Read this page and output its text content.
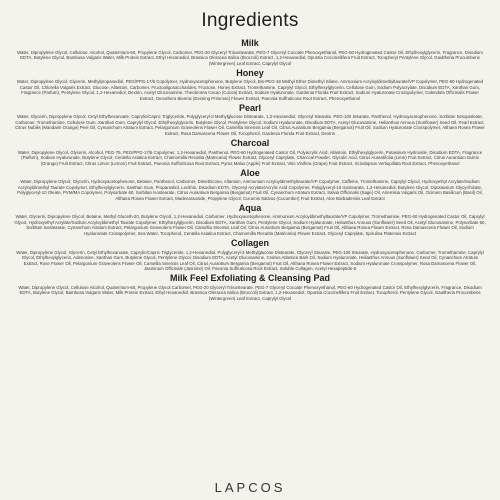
Ingredients
Milk
Water, Dipropylene Glycol, Cellulose, Alcohol, Quaternium-60, Propylene Glycol, Carbomer, PEG-20 Glyceryl Triisostearate, PEG-7 Glyceryl Cocoate Phenoxyethanol, PEG-60 Hydrogenated Castor Oil, Ethylhexylglycerin, Fragrance, Disodium EDTA, Butylene Glycol, Bambusa Vulgaris Water, Milk Protein Extract, Ethyl Hexanediol, Brassica Oleracea Italica (Broccoli) Extract, 1,2-Hexanediol, Opuntia Coccinellifera Fruit Extract, Tocopheryl Pentylene Glycol, Gaultheria Procumbens (Wintergreen) Leaf Extract, Caprylyl Glycol
Honey
Water, Dipropylene Glycol, Glycerin, Methylpropanediol, PEG/PPG-17/6 Copolymer, Hydroxyacetophenone, Butylene Glycol, Bis-PEG-18 Methyl Ether Dimethyl Silane, Ammonium Acryloyldimethyltaurate/VP Copolymer, PEG-60 Hydrogenated Castor Oil, Chlorella Vulgaris Extract, Glucose, Allantoin, Carbomer, Fructooligosaccharides, Fructose, Honey Extract, Tromethamine, Caprylyl Glycol, Ethylhexylglycerin, Cellulose Gum, Sodium Polyacrylate, Disodium EDTA, Xanthan Gum, Fragrance (Parfum), Pentylene Glycol, 1,2-Hexanediol, Dextrin, Acetyl Glucosamine, Theobroma Cacao (Cocoa) Extract, Sodium Hyaluronate, Gardenia Florida Fruit Extract, Sodium Hyaluronate Crosspolymer, Calendula Officinalis Flower Extract, Oenothera Biennis (Evening Primrose) Flower Extract, Paeonia Suffruticosa Root Extract, Phenoxyethanol
Pearl
Water, Glycerin, Dipropylene Glycol, Cetyl Ethylhexanoate, Caprylic/Capric Triglyceride, Polyglyceryl-3 Methylglucose Distearate, 1,2-Hexanediol, Glyceryl Stearate, PEG-100 Stearate, Panthenol, Hydroxyacetophenone, Sorbitan Sesquioleate, Carbomer, Tromethamine, Cellulose Gum, Xanthan Gum, Caprylyl Glycol, Ethylhexylglycerin, Butylene Glycol, Pentylene Glycol, Sodium Hyaluronate, Disodium EDTA, Acetyl Glucosamine, Helianthus Annuus (Sunflower) Seed Oil, Pearl Extract, Citrus Nobilis (Mandarin Orange) Peel Oil, Cymanchum Atratum Extract, Pelargonium Graveolens Flower Oil, Camellia Sinensis Leaf Oil, Citrus Aurantium Bergamia (Bergamot) Fruit Oil, Sodium Hyaluronate Crosspolymer, Althaea Rosea Flower Extract, Rosa Damascena Flower Oil, Tocopherol, Gardenia Florida Fruit Extract, Dextrin
Charcoal
Water, Dipropylene Glycol, Glycerin, Alcohol, PEG-75, PEG/PPG-17/6 Copolymer, 1,2-Hexanediol, Panthenol, PEG-60 Hydrogenated Castor Oil, Polyacrylic Acid, Allantoin, Ethylhexylglycerin, Potassium Hydroxide, Disodium EDTA, Fragrance (Parfum), Sodium Hyaluronate, Butylene Glycol, Centella Asiatica Extract, Chamomilla Recutita (Matricaria) Flower Extract, Glyceryl Caprylate, Charcoal Powder, Glycolic Acid, Citrus Aurantifolia (Lime) Fruit Extract, Citrus Aurantium Dulcis (Orange) Fruit Extract, Citrus Limon (Lemon) Fruit Extract, Paeonia Suffruticosa Root Extract, Pyrus Malus (Apple) Fruit Extract, Vitis Vinifera (Grape) Fruit Extract, Scindapsus Vertiquillata Root Extract, Phenoxyethanol
Aloe
Water, Dipropylene Glycol, Glycerin, Hydroxyacetophenone, Betaine, Panthenol, Carbomer, Dimethicone, Allantoin, Ammonium Acryloyldimethyltaurate/VP Copolymer, Caffeine, Tromethamine, Caprylyl Glycol, Hydroxyethyl Acrylate/Sodium Acryloyldimethyl Taurate Copolymer, Ethylhexylglycerin, Xanthan Gum, Propanediol, Lecithin, Disodium EDTA, Glyceryl Acrylate/Acrylic Acid Copolymer, Polyglyceryl-10 Isostearate, 1,2-Hexanediol, Butylene Glycol, Dipotassium Glycyrrhizate, Polyglyceryl-10 Oleate, PVM/MA Copolymer, Polysorbate 60, Sorbitan Isostearate, Citrus Aurantium Bergamia (Bergamot) Fruit Oil, Cynanchum Atratum Extract, Salvia Officinalis (Sage) Oil, Artemisia Vulgaris Oil, Ocimum Basilicum (Basil) Oil, Althaea Rosea Flower Extract, Madecassoside, Propylene Glycol, Cucumis Sativus (Cucumber) Fruit Extract, Aloe Barbadensis Leaf Extract
Aqua
Water, Glycerin, Dipropylene Glycol, Betaine, Methyl Gluceth-20, Butylene Glycol, 1,2-Hexanediol, Carbomer, Hydroxyacetophenone, Ammonium Acryloyldimethyltaurate/VP Copolymer, Tromethamine, PEG-60 Hydrogenated Castor Oil, Caprylyl Glycol, Hydroxyethyl Acrylate/Sodium Acryloyldimethyl Taurate Copolymer, Ethylhexylglycerin, Disodium EDTA, Xanthan Gum, Pentylene Glycol, Sodium Hyaluronate, Helianthus Annuus (Sunflower) Seed Oil, Acetyl Glucosamine, Polysorbate 60, Sorbitan Isostearate, Cynanchum Atratum Extract, Pelargonium Graveolens Flower Oil, Camellia Sinensis Leaf Oil, Citrus Aurantium Bergamia (Bergamot) Fruit Oil, Althaea Rosea Flower Extract, Rosa Damascena Flower Oil, Sodium Hyaluronate Crosspolymer, Sea Water, Tocopherol, Centella Asiatica Extract, Chamomilla Recutita (Matricaria) Flower Extract, Glyceryl Caprylate, Spirulina Platensis Extract
Collagen
Water, Dipropylene Glycol, Glycerin, Cetyl Ethylhexanoate, Caprylic/Capric Triglyceride, 1,2-Hexanediol, Polyglyceryl-3 Methylglucose Distearate, Glyceryl Stearate, PEG-100 Stearate, Hydroxyacetophenone, Carbomer, Tromethamine, Caprylyl Glycol, Ethylhexylglycerin, Adenosine, Xanthan Gum, Butylene Glycol, Pentylene Glycol, Disodium EDTA, Acetyl Glucosamine, Cedrus Atlantica Bark Oil, Sodium Hyaluronate, Helianthus Annuus (Sunflower) Seed Oil, Cynanchum Atratum Extract, Rose Flower Oil, Pelargonium Graveolens Flower Oil, Camellia Sinensis Leaf Oil, Citrus Aurantium Bergamia (Bergamot) Fruit Oil, Althaea Rosea Flower Extract, Sodium Hyaluronate Crosspolymer, Rosa Damascena Flower Oil, Jasminum Officinale (Jasmine) Oil, Paeonia Suffruticosa Root Extract, Soluble Collagen, Acetyl Hexapeptide-8
Milk Feel Exfoliating & Cleansing Pad
Water, Dipropylene Glycol, Cellulose Alcohol, Quaternium-60, Propylene Glycol Carbomer, PEG-20 Glyceryl Triisostearate, PEG-7 Glyceryl Cocoate Phenoxyethanol, PEG-60 Hydrogenated Castor Oil, Ethylhexylglycerin, Fragrance, Disodium EDTA, Butylene Glycol, Bambusa Vulgaris Water, Milk Protein Extract, Ethyl Hexanediol, Brassica Oleracea Italica (Broccoli) Extract, 1,2-Hexanediol, Opuntia Coccinellifera Fruit Extract, Tocopherol, Pentylene Glycol, Gaultheria Procumbens (Wintergreen) Leaf Extract, Caprylyl Glycol
LAPCOS
